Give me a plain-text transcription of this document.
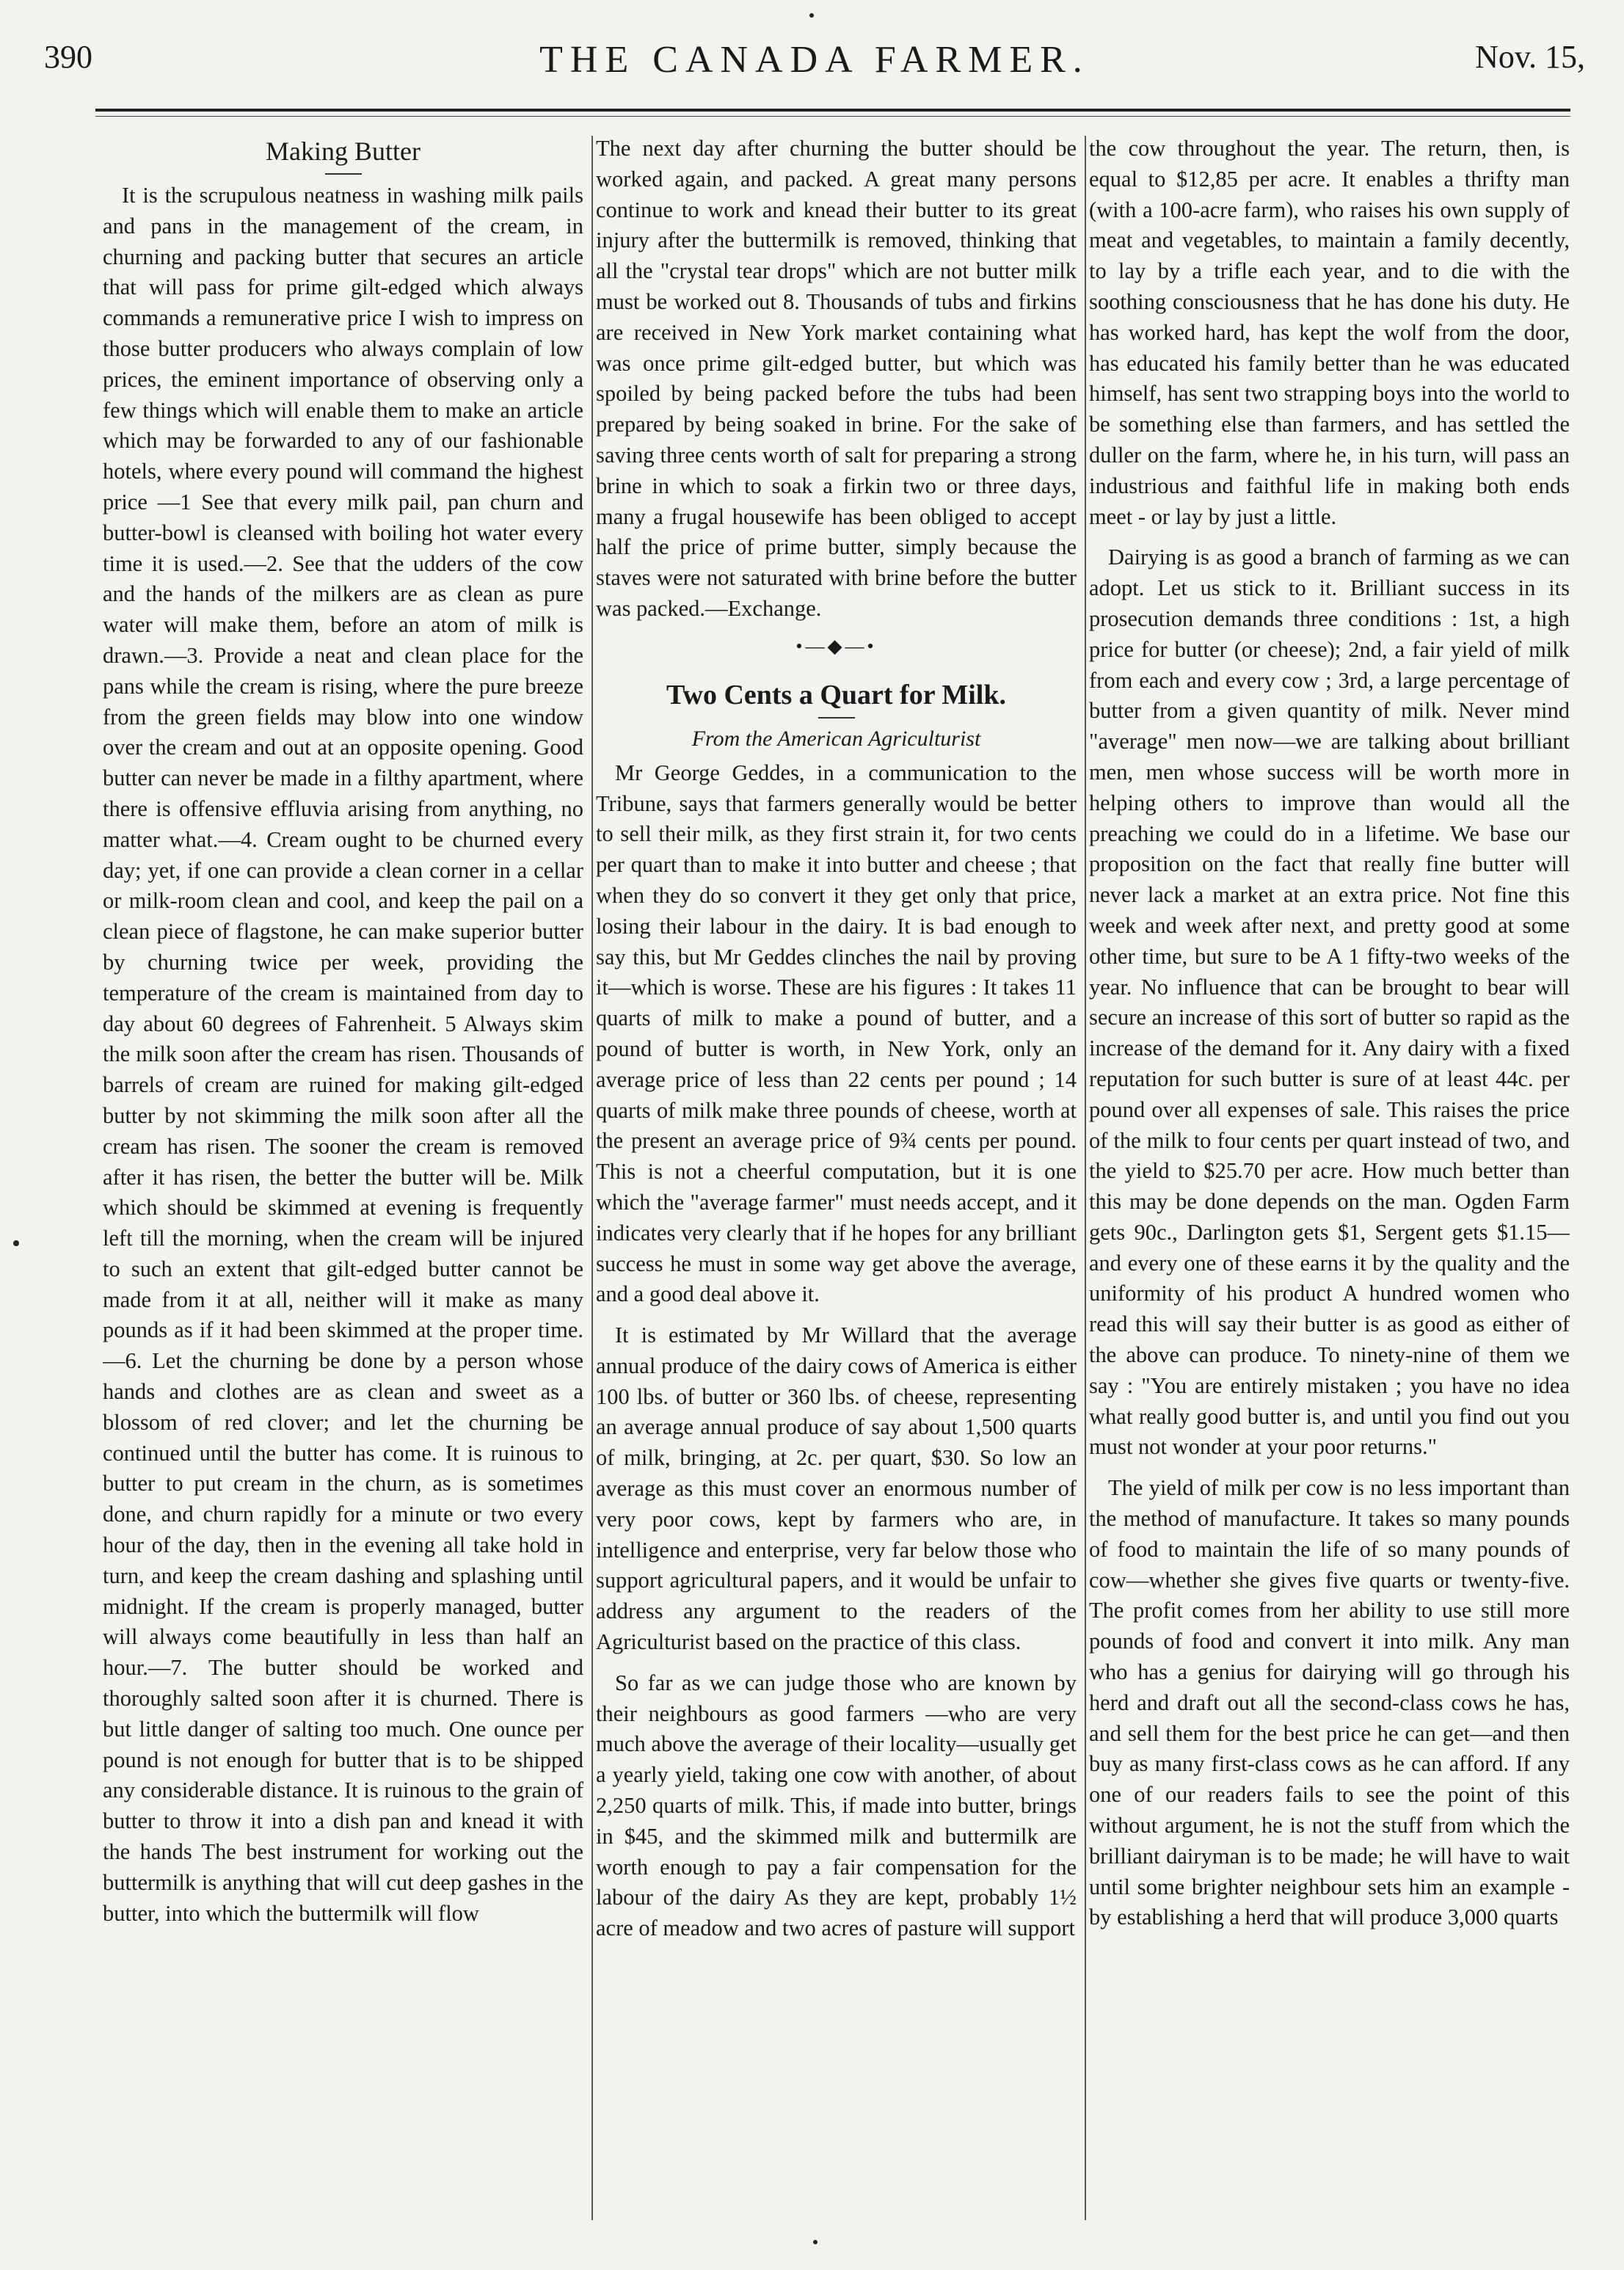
390	THE CANADA FARMER.	Nov. 15,
Making Butter

It is the scrupulous neatness in washing milk pails and pans in the management of the cream, in churning and packing butter that secures an article that will pass for prime gilt-edged which always commands a remunerative price I wish to impress on those butter producers who always complain of low prices, the eminent importance of observing only a few things which will enable them to make an article which may be forwarded to any of our fashionable hotels, where every pound will command the highest price —1 See that every milk pail, pan churn and butter-bowl is cleansed with boiling hot water every time it is used.—2. See that the udders of the cow and the hands of the milkers are as clean as pure water will make them, before an atom of milk is drawn.—3. Provide a neat and clean place for the pans while the cream is rising, where the pure breeze from the green fields may blow into one window over the cream and out at an opposite opening. Good butter can never be made in a filthy apartment, where there is offensive effluvia arising from anything, no matter what.—4. Cream ought to be churned every day; yet, if one can provide a clean corner in a cellar or milk-room clean and cool, and keep the pail on a clean piece of flagstone, he can make superior butter by churning twice per week, providing the temperature of the cream is maintained from day to day about 60 degrees of Fahrenheit. 5 Always skim the milk soon after the cream has risen. Thousands of barrels of cream are ruined for making gilt-edged butter by not skimming the milk soon after all the cream has risen. The sooner the cream is removed after it has risen, the better the butter will be. Milk which should be skimmed at evening is frequently left till the morning, when the cream will be injured to such an extent that gilt-edged butter cannot be made from it at all, neither will it make as many pounds as if it had been skimmed at the proper time.—6. Let the churning be done by a person whose hands and clothes are as clean and sweet as a blossom of red clover; and let the churning be continued until the butter has come. It is ruinous to butter to put cream in the churn, as is sometimes done, and churn rapidly for a minute or two every hour of the day, then in the evening all take hold in turn, and keep the cream dashing and splashing until midnight. If the cream is properly managed, butter will always come beautifully in less than half an hour.—7. The butter should be worked and thoroughly salted soon after it is churned. There is but little danger of salting too much. One ounce per pound is not enough for butter that is to be shipped any considerable distance. It is ruinous to the grain of butter to throw it into a dish pan and knead it with the hands The best instrument for working out the buttermilk is anything that will cut deep gashes in the butter, into which the buttermilk will flow

The next day after churning the butter should be worked again, and packed. A great many persons continue to work and knead their butter to its great injury after the buttermilk is removed, thinking that all the "crystal tear drops" which are not butter milk must be worked out 8. Thousands of tubs and firkins are received in New York market containing what was once prime gilt-edged butter, but which was spoiled by being packed before the tubs had been prepared by being soaked in brine. For the sake of saving three cents worth of salt for preparing a strong brine in which to soak a firkin two or three days, many a frugal housewife has been obliged to accept half the price of prime butter, simply because the staves were not saturated with brine before the butter was packed.—Exchange.

•—◆—•
Two Cents a Quart for Milk.
From the American Agriculturist

Mr George Geddes, in a communication to the Tribune, says that farmers generally would be better to sell their milk, as they first strain it, for two cents per quart than to make it into butter and cheese ; that when they do so convert it they get only that price, losing their labour in the dairy. It is bad enough to say this, but Mr Geddes clinches the nail by proving it—which is worse. These are his figures : It takes 11 quarts of milk to make a pound of butter, and a pound of butter is worth, in New York, only an average price of less than 22 cents per pound ; 14 quarts of milk make three pounds of cheese, worth at the present an average price of 9¾ cents per pound. This is not a cheerful computation, but it is one which the "average farmer" must needs accept, and it indicates very clearly that if he hopes for any brilliant success he must in some way get above the average, and a good deal above it.

It is estimated by Mr Willard that the average annual produce of the dairy cows of America is either 100 lbs. of butter or 360 lbs. of cheese, representing an average annual produce of say about 1,500 quarts of milk, bringing, at 2c. per quart, $30. So low an average as this must cover an enormous number of very poor cows, kept by farmers who are, in intelligence and enterprise, very far below those who support agricultural papers, and it would be unfair to address any argument to the readers of the Agriculturist based on the practice of this class.

So far as we can judge those who are known by their neighbours as good farmers —who are very much above the average of their locality—usually get a yearly yield, taking one cow with another, of about 2,250 quarts of milk. This, if made into butter, brings in $45, and the skimmed milk and buttermilk are worth enough to pay a fair compensation for the labour of the dairy As they are kept, probably 1½ acre of meadow and two acres of pasture will support

the cow throughout the year. The return, then, is equal to $12,85 per acre. It enables a thrifty man (with a 100-acre farm), who raises his own supply of meat and vegetables, to maintain a family decently, to lay by a trifle each year, and to die with the soothing consciousness that he has done his duty. He has worked hard, has kept the wolf from the door, has educated his family better than he was educated himself, has sent two strapping boys into the world to be something else than farmers, and has settled the duller on the farm, where he, in his turn, will pass an industrious and faithful life in making both ends meet - or lay by just a little.

Dairying is as good a branch of farming as we can adopt. Let us stick to it. Brilliant success in its prosecution demands three conditions : 1st, a high price for butter (or cheese); 2nd, a fair yield of milk from each and every cow ; 3rd, a large percentage of butter from a given quantity of milk. Never mind "average" men now—we are talking about brilliant men, men whose success will be worth more in helping others to improve than would all the preaching we could do in a lifetime. We base our proposition on the fact that really fine butter will never lack a market at an extra price. Not fine this week and week after next, and pretty good at some other time, but sure to be A 1 fifty-two weeks of the year. No influence that can be brought to bear will secure an increase of this sort of butter so rapid as the increase of the demand for it. Any dairy with a fixed reputation for such butter is sure of at least 44c. per pound over all expenses of sale. This raises the price of the milk to four cents per quart instead of two, and the yield to $25.70 per acre. How much better than this may be done depends on the man. Ogden Farm gets 90c., Darlington gets $1, Sergent gets $1.15—and every one of these earns it by the quality and the uniformity of his product A hundred women who read this will say their butter is as good as either of the above can produce. To ninety-nine of them we say : "You are entirely mistaken ; you have no idea what really good butter is, and until you find out you must not wonder at your poor returns."

The yield of milk per cow is no less important than the method of manufacture. It takes so many pounds of food to maintain the life of so many pounds of cow—whether she gives five quarts or twenty-five. The profit comes from her ability to use still more pounds of food and convert it into milk. Any man who has a genius for dairying will go through his herd and draft out all the second-class cows he has, and sell them for the best price he can get—and then buy as many first-class cows as he can afford. If any one of our readers fails to see the point of this without argument, he is not the stuff from which the brilliant dairyman is to be made; he will have to wait until some brighter neighbour sets him an example - by establishing a herd that will produce 3,000 quarts
